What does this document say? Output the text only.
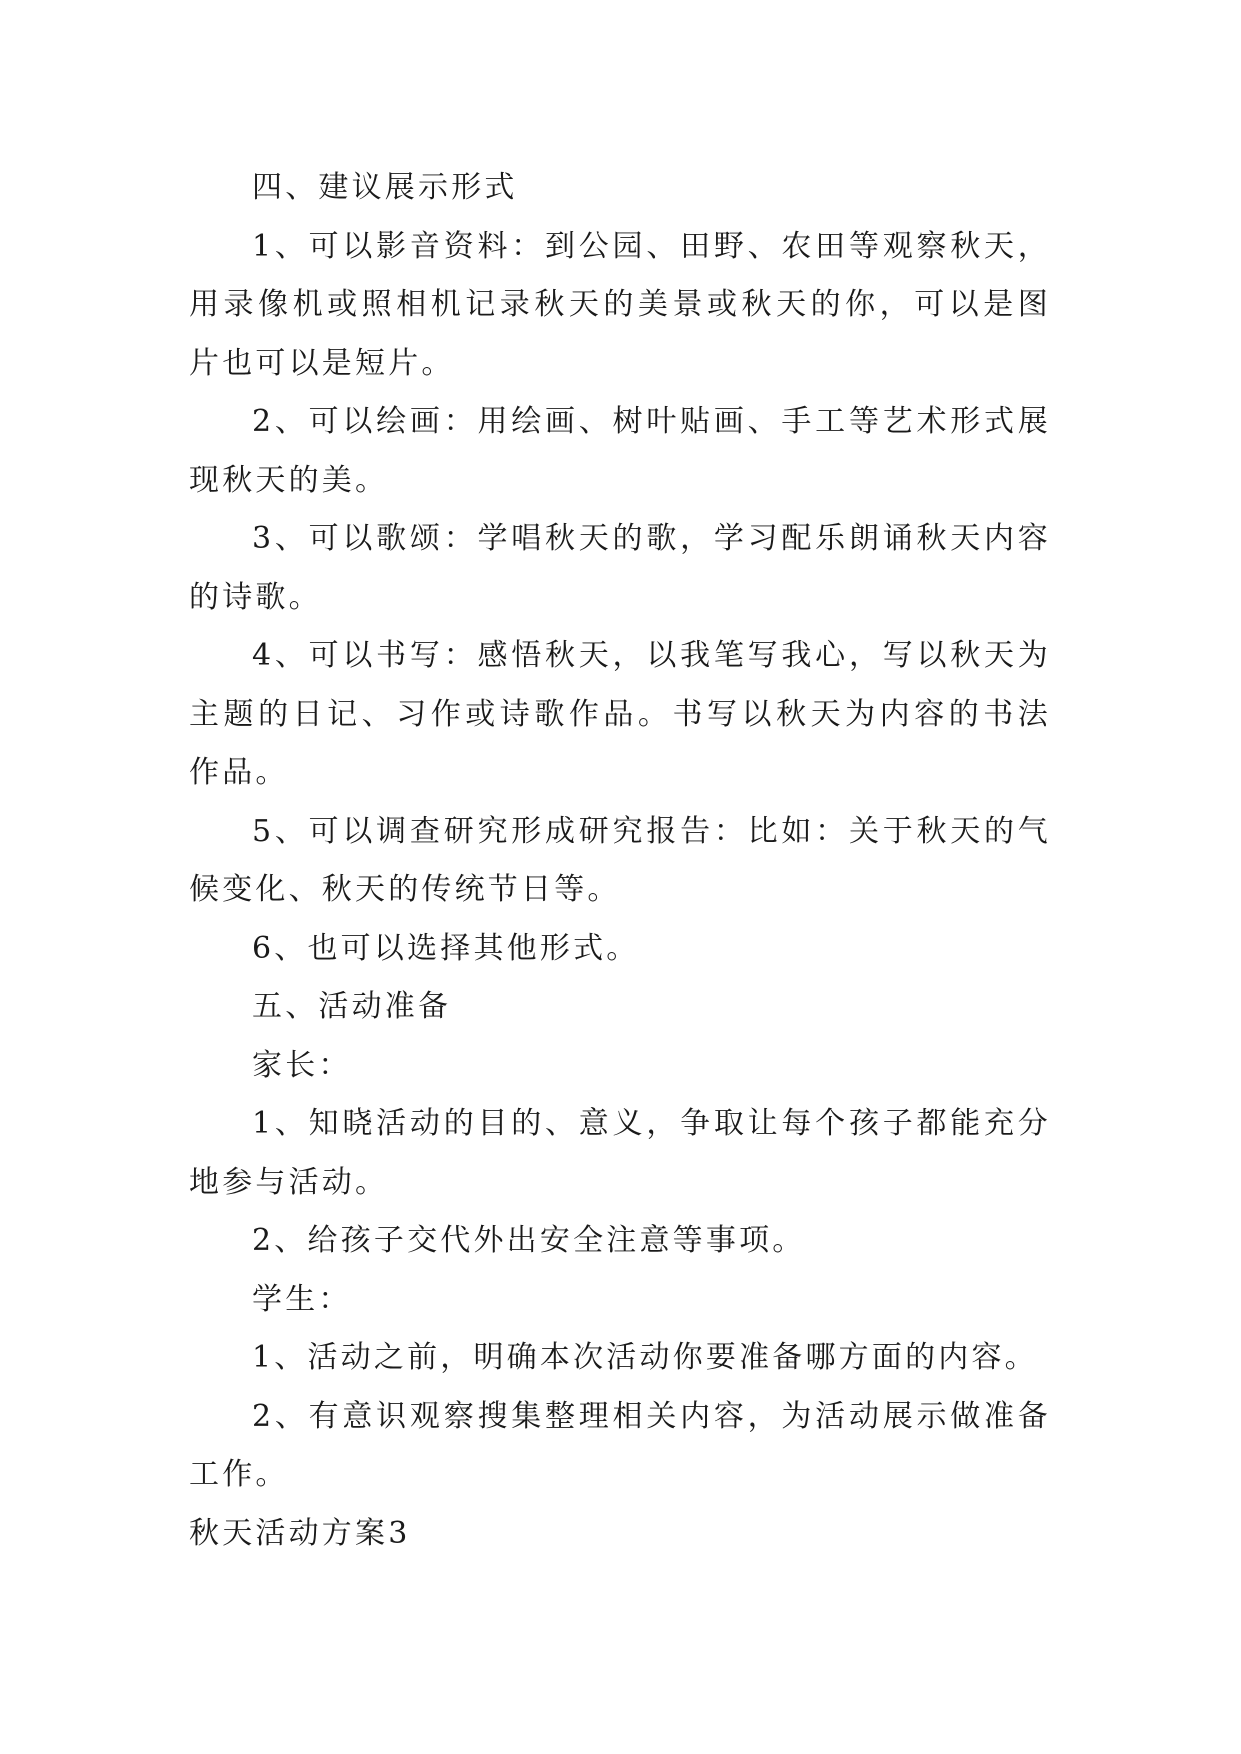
四、建议展示形式

1、可以影音资料：到公园、田野、农田等观察秋天，用录像机或照相机记录秋天的美景或秋天的你，可以是图片也可以是短片。

2、可以绘画：用绘画、树叶贴画、手工等艺术形式展现秋天的美。

3、可以歌颂：学唱秋天的歌，学习配乐朗诵秋天内容的诗歌。

4、可以书写：感悟秋天，以我笔写我心，写以秋天为主题的日记、习作或诗歌作品。书写以秋天为内容的书法作品。

5、可以调查研究形成研究报告：比如：关于秋天的气候变化、秋天的传统节日等。

6、也可以选择其他形式。

五、活动准备

家长：

1、知晓活动的目的、意义，争取让每个孩子都能充分地参与活动。

2、给孩子交代外出安全注意等事项。

学生：

1、活动之前，明确本次活动你要准备哪方面的内容。

2、有意识观察搜集整理相关内容，为活动展示做准备工作。

秋天活动方案3
